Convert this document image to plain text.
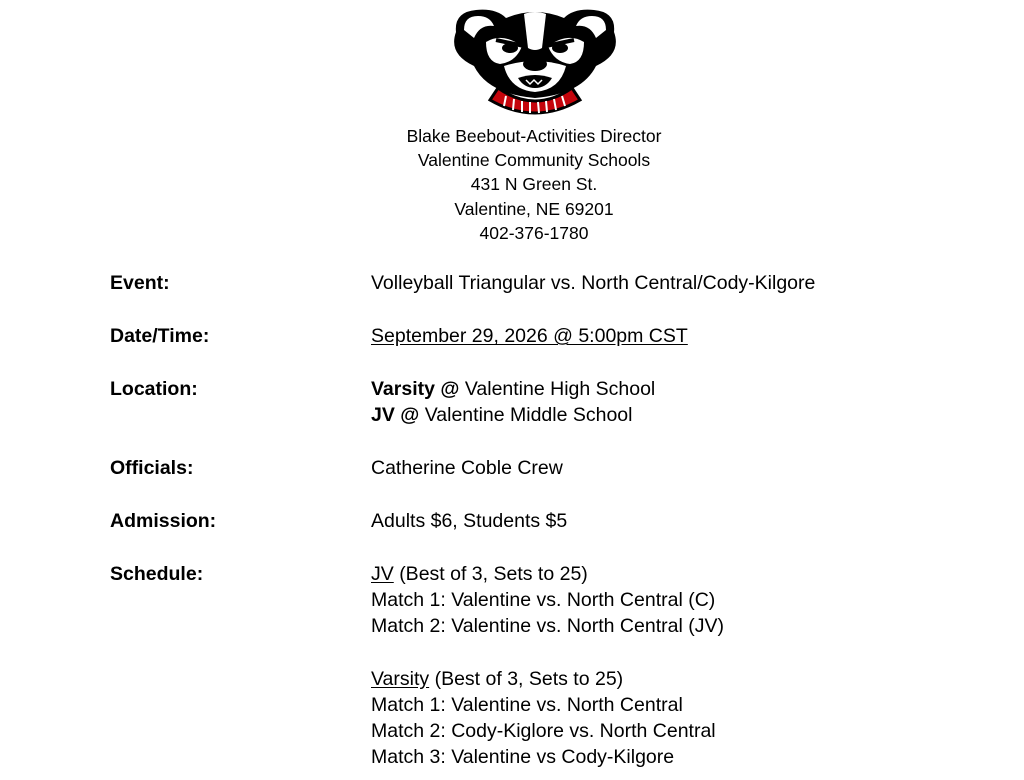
Blake Beebout-Activities Director
Valentine Community Schools
431 N Green St.
Valentine, NE 69201
402-376-1780
Event:	Volleyball Triangular vs. North Central/Cody-Kilgore
Date/Time:	September 29, 2026 @ 5:00pm CST
Location:	Varsity @ Valentine High School
JV @ Valentine Middle School
Officials:	Catherine Coble Crew
Admission:	Adults $6, Students $5
Schedule:	JV (Best of 3, Sets to 25)
Match 1: Valentine vs. North Central (C)
Match 2: Valentine vs. North Central (JV)
Varsity (Best of 3, Sets to 25)
Match 1: Valentine vs. North Central
Match 2: Cody-Kiglore vs. North Central
Match 3: Valentine vs Cody-Kilgore
